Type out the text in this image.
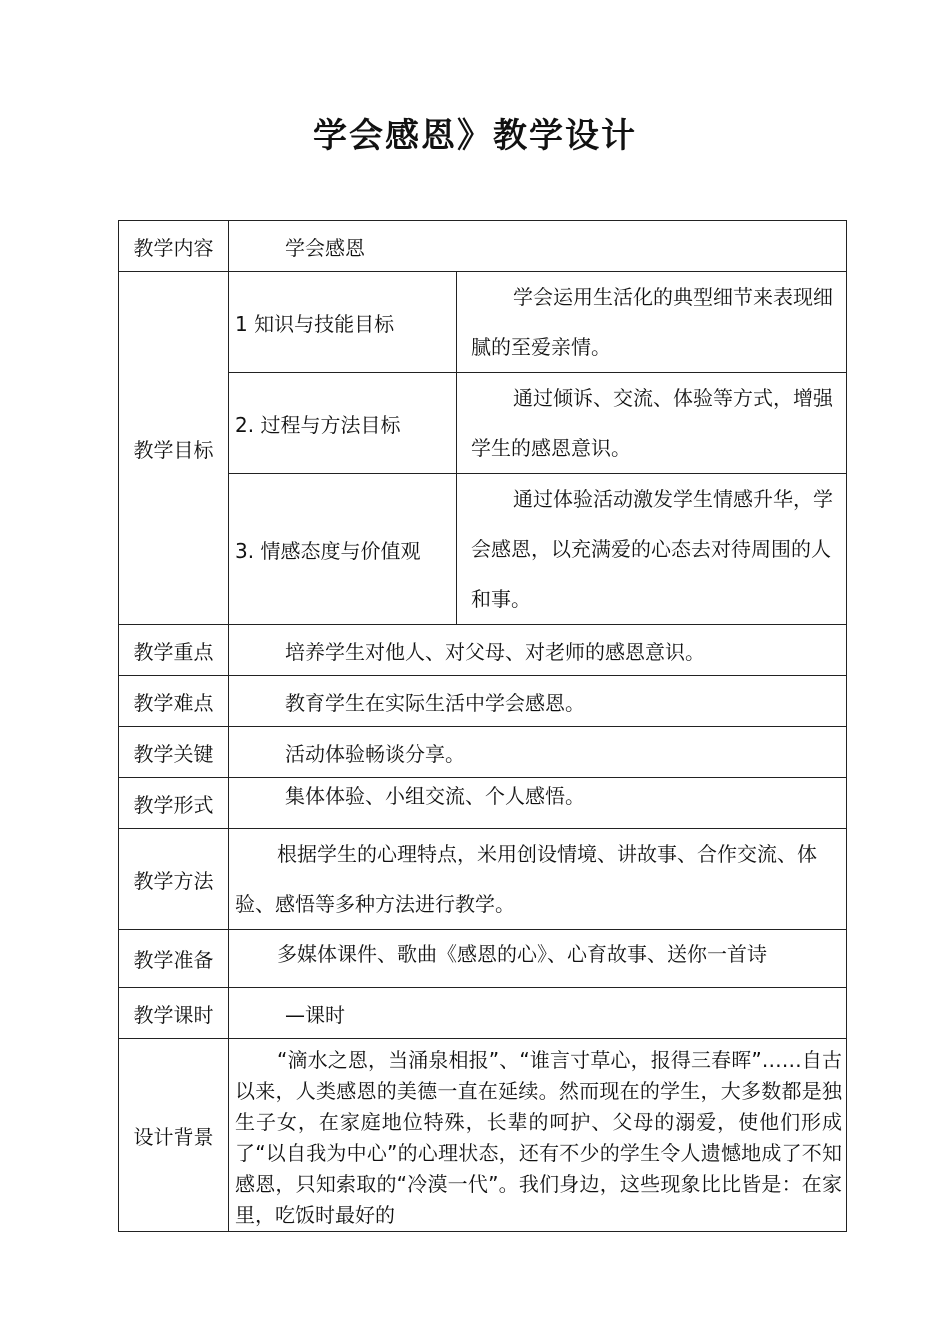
学会感恩》教学设计
教学内容	学会感恩	
教学目标	1 知识与技能目标	学会运用生活化的典型细节来表现细腻的至爱亲情。

	2. 过程与方法目标	通过倾诉、交流、体验等方式，增强学生的感恩意识。

	3. 情感态度与价值观	通过体验活动激发学生情感升华，学会感恩，以充满爱的心态去对待周围的人和事。

教学重点	培养学生对他人、对父母、对老师的感恩意识。	
教学难点	教育学生在实际生活中学会感恩。	
教学关键	活动体验畅谈分享。	
教学形式	集体体验、小组交流、个人感悟。	
教学方法	根据学生的心理特点，米用创设情境、讲故事、合作交流、体验、感悟等多种方法进行教学。	

教学准备	多媒体课件、歌曲《感恩的心》、心育故事、送你一首诗	

教学课时	—课时	
设计背景	“滴水之恩，当涌泉相报”、“谁言寸草心，报得三春晖”……自古以来，人类感恩的美德一直在延续。然而现在的学生，大多数都是独生子女，在家庭地位特殊，长辈的呵护、父母的溺爱，使他们形成了“以自我为中心”的心理状态，还有不少的学生令人遗憾地成了不知感恩，只知索取的“冷漠一代”。我们身边，这些现象比比皆是：在家里，吃饭时最好的	
